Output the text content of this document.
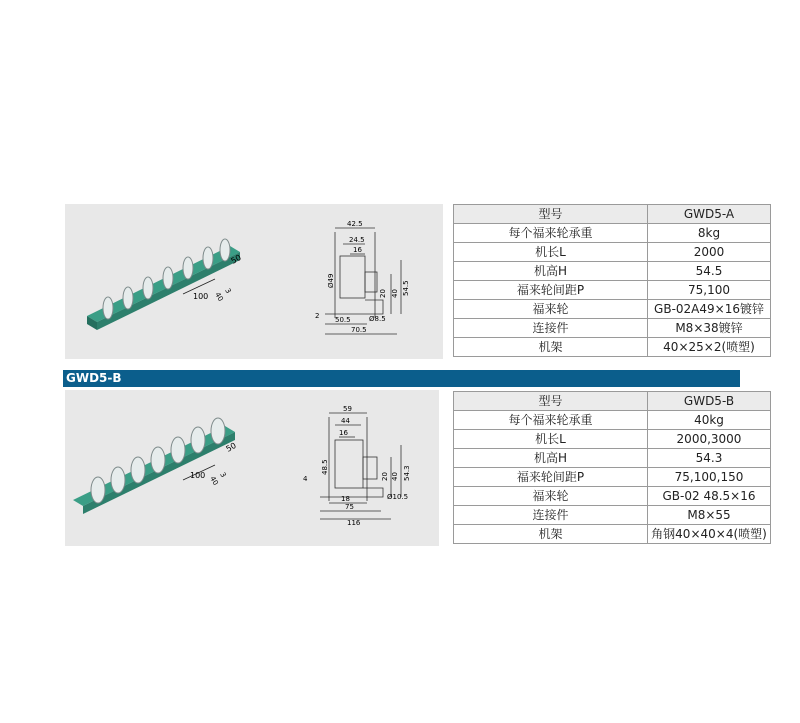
100
50
40
3
42.5
24.5
16
20 40 54.5
2 50.5
70.5
Ø8.5
Ø49
型号	GWD5-A
每个福来轮承重	8kg
机长L	2000
机高H	54.5
福来轮间距P	75,100
福来轮	GB-02A49×16镀锌
连接件	M8×38镀锌
机架	40×25×2(喷塑)
GWD5-B
100
50
40
3
59
44
16
48.5
20 40 54.3
4
18
75
Ø10.5
116
型号	GWD5-B
每个福来轮承重	40kg
机长L	2000,3000
机高H	54.3
福来轮间距P	75,100,150
福来轮	GB-02 48.5×16
连接件	M8×55
机架	角钢40×40×4(喷塑)
